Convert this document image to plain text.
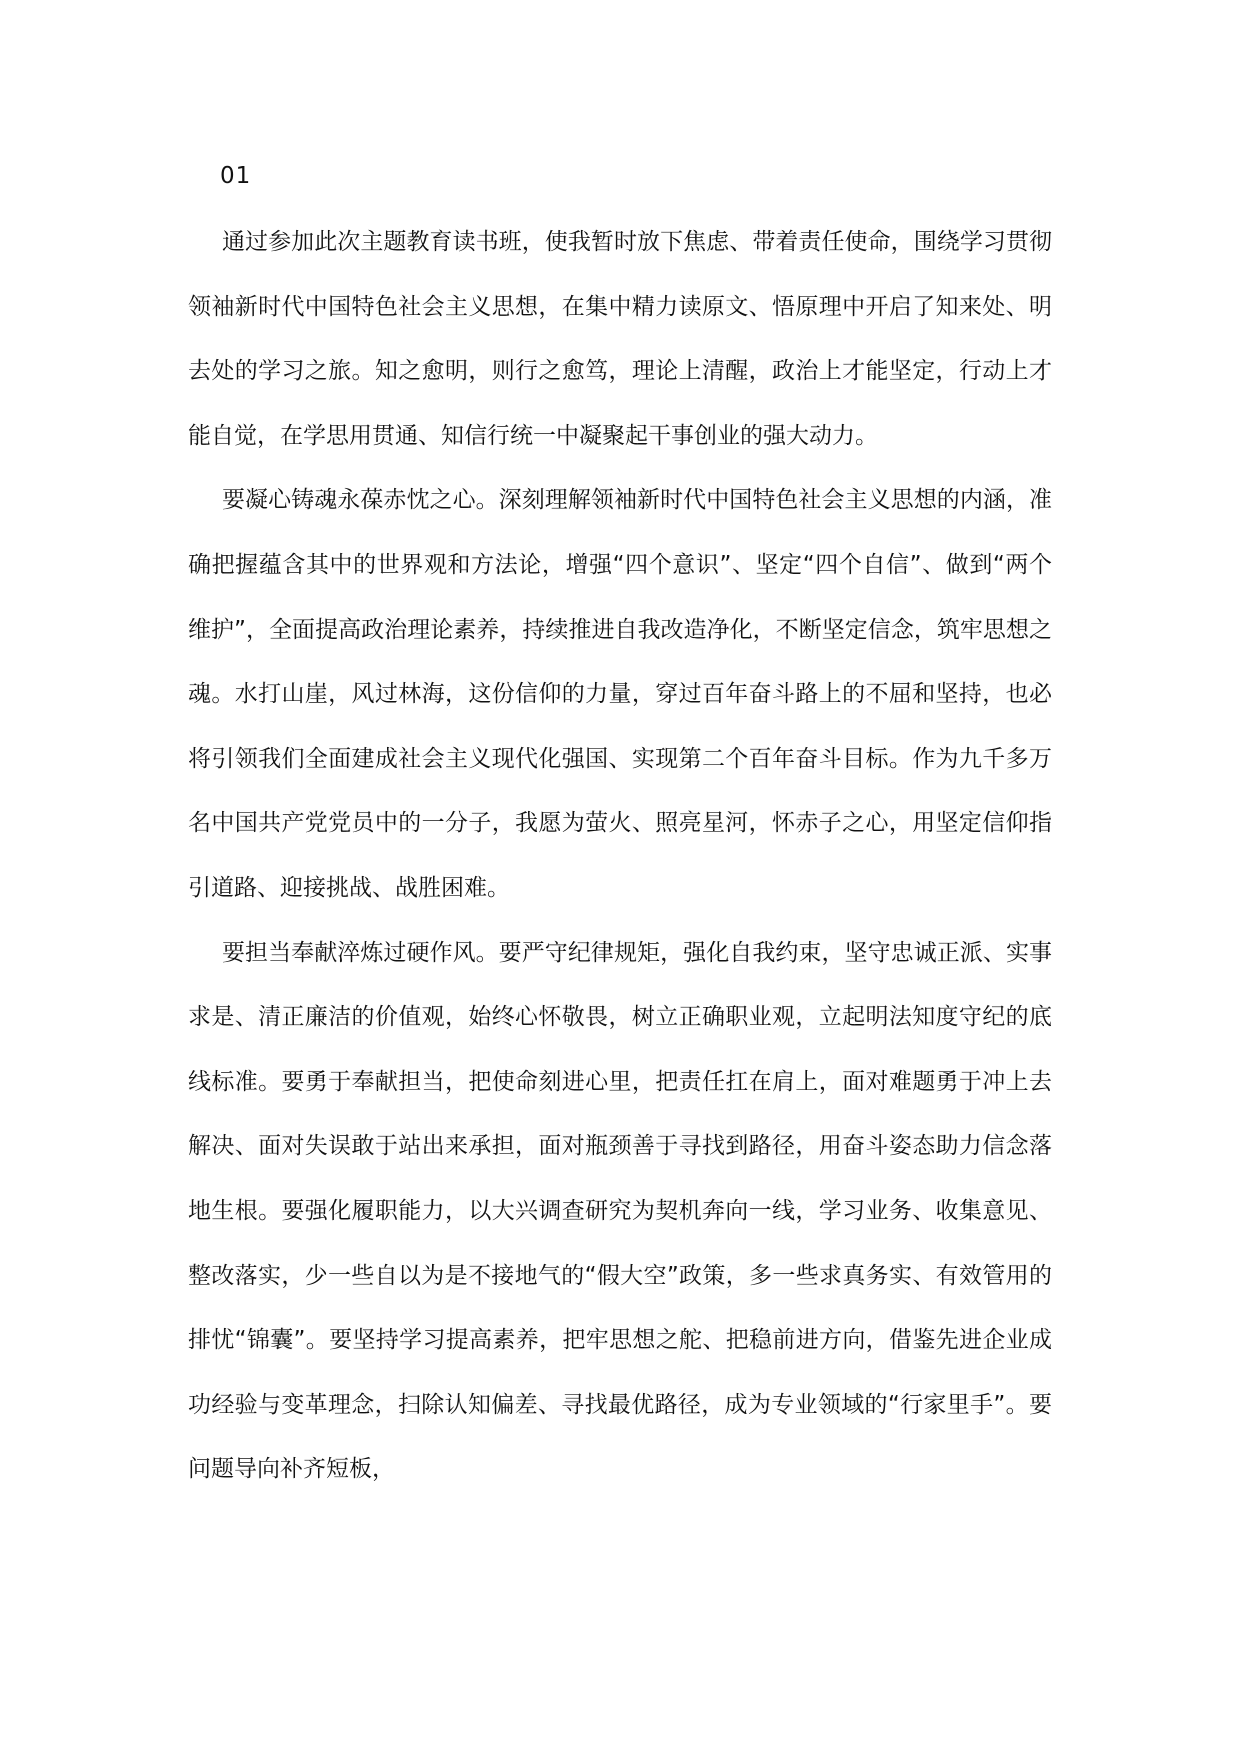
01

通过参加此次主题教育读书班，使我暂时放下焦虑、带着责任使命，围绕学习贯彻领袖新时代中国特色社会主义思想，在集中精力读原文、悟原理中开启了知来处、明去处的学习之旅。知之愈明，则行之愈笃，理论上清醒，政治上才能坚定，行动上才能自觉，在学思用贯通、知信行统一中凝聚起干事创业的强大动力。

要凝心铸魂永葆赤忱之心。深刻理解领袖新时代中国特色社会主义思想的内涵，准确把握蕴含其中的世界观和方法论，增强“四个意识”、坚定“四个自信”、做到“两个维护”，全面提高政治理论素养，持续推进自我改造净化，不断坚定信念，筑牢思想之魂。水打山崖，风过林海，这份信仰的力量，穿过百年奋斗路上的不屈和坚持，也必将引领我们全面建成社会主义现代化强国、实现第二个百年奋斗目标。作为九千多万名中国共产党党员中的一分子，我愿为萤火、照亮星河，怀赤子之心，用坚定信仰指引道路、迎接挑战、战胜困难。

要担当奉献淬炼过硬作风。要严守纪律规矩，强化自我约束，坚守忠诚正派、实事求是、清正廉洁的价值观，始终心怀敬畏，树立正确职业观，立起明法知度守纪的底线标准。要勇于奉献担当，把使命刻进心里，把责任扛在肩上，面对难题勇于冲上去解决、面对失误敢于站出来承担，面对瓶颈善于寻找到路径，用奋斗姿态助力信念落地生根。要强化履职能力，以大兴调查研究为契机奔向一线，学习业务、收集意见、整改落实，少一些自以为是不接地气的“假大空”政策，多一些求真务实、有效管用的排忧“锦囊”。要坚持学习提高素养，把牢思想之舵、把稳前进方向，借鉴先进企业成功经验与变革理念，扫除认知偏差、寻找最优路径，成为专业领域的“行家里手”。要问题导向补齐短板，
